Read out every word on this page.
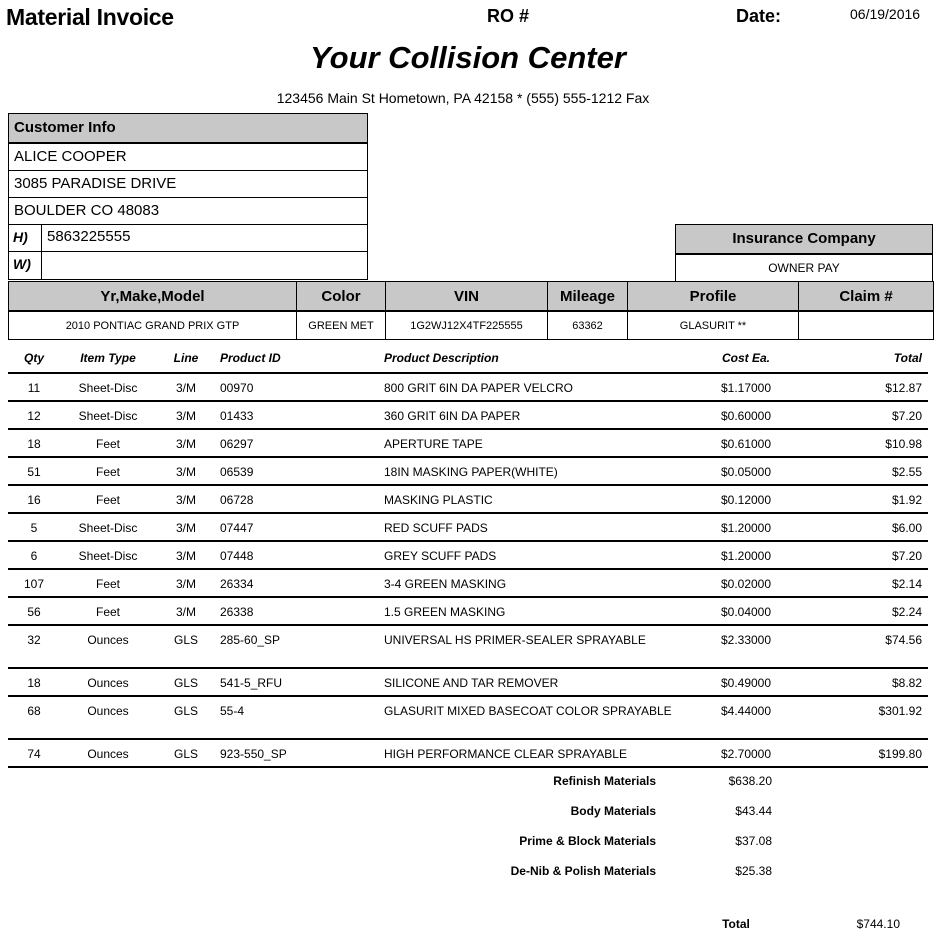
Material Invoice	RO #	Date:	06/19/2016
Your Collision Center
123456 Main St Hometown, PA 42158 * (555) 555-1212 Fax
Customer Info
ALICE COOPER
3085 PARADISE DRIVE
BOULDER CO 48083
H)	5863225555
W)
Insurance Company
OWNER PAY
Yr,Make,Model	Color	VIN	Mileage	Profile	Claim #
2010 PONTIAC GRAND PRIX GTP	GREEN MET	1G2WJ12X4TF225555	63362	GLASURIT **	
Qty	Item Type	Line	Product ID	Product Description	Cost Ea.	Total
11	Sheet-Disc	3/M	00970	800 GRIT 6IN DA PAPER VELCRO	$1.17000	$12.87
12	Sheet-Disc	3/M	01433	360 GRIT 6IN DA PAPER	$0.60000	$7.20
18	Feet	3/M	06297	APERTURE TAPE	$0.61000	$10.98
51	Feet	3/M	06539	18IN MASKING PAPER(WHITE)	$0.05000	$2.55
16	Feet	3/M	06728	MASKING PLASTIC	$0.12000	$1.92
5	Sheet-Disc	3/M	07447	RED SCUFF PADS	$1.20000	$6.00
6	Sheet-Disc	3/M	07448	GREY SCUFF PADS	$1.20000	$7.20
107	Feet	3/M	26334	3-4 GREEN MASKING	$0.02000	$2.14
56	Feet	3/M	26338	1.5 GREEN MASKING	$0.04000	$2.24
32	Ounces	GLS	285-60_SP	UNIVERSAL HS PRIMER-SEALER SPRAYABLE	$2.33000	$74.56
18	Ounces	GLS	541-5_RFU	SILICONE AND TAR REMOVER	$0.49000	$8.82
68	Ounces	GLS	55-4	GLASURIT MIXED BASECOAT COLOR SPRAYABLE	$4.44000	$301.92
74	Ounces	GLS	923-550_SP	HIGH PERFORMANCE CLEAR SPRAYABLE	$2.70000	$199.80
Refinish Materials	$638.20
Body Materials	$43.44
Prime & Block Materials	$37.08
De-Nib & Polish Materials	$25.38
Total	$744.10
